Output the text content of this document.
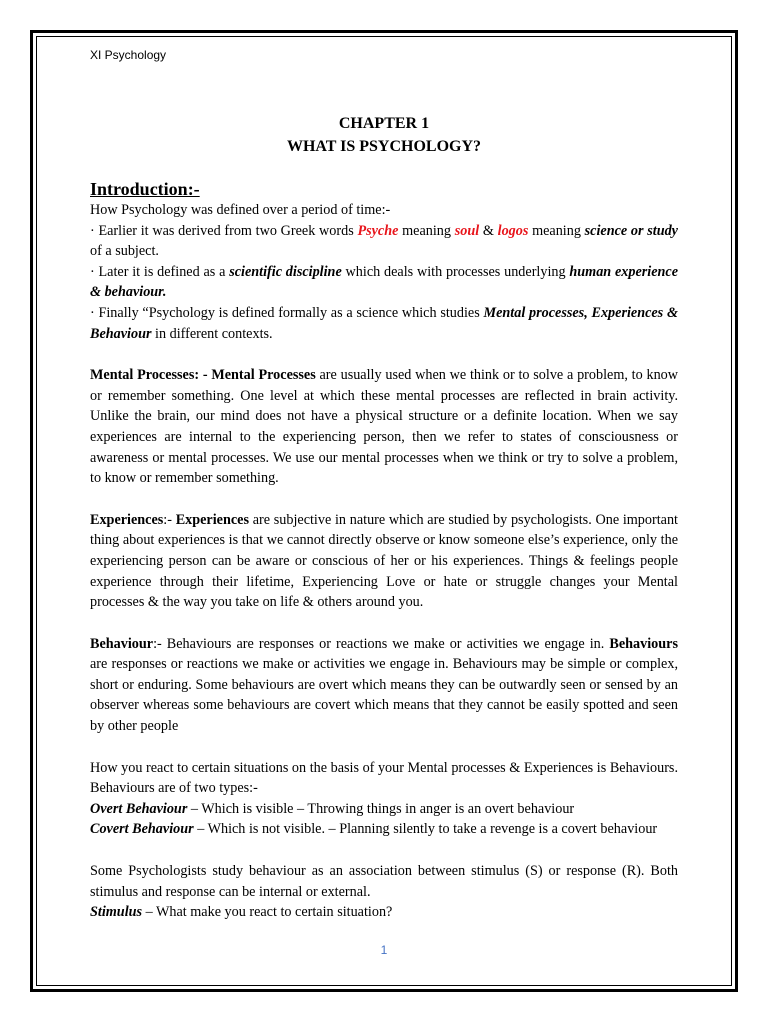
XI Psychology
CHAPTER 1
WHAT IS PSYCHOLOGY?
Introduction:-

How Psychology was defined over a period of time:-

· Earlier it was derived from two Greek words Psyche meaning soul & logos meaning science or study of a subject.

· Later it is defined as a scientific discipline which deals with processes underlying human experience & behaviour.

· Finally “Psychology is defined formally as a science which studies Mental processes, Experiences & Behaviour in different contexts.

Mental Processes: - Mental Processes are usually used when we think or to solve a problem, to know or remember something. One level at which these mental processes are reflected in brain activity. Unlike the brain, our mind does not have a physical structure or a definite location. When we say experiences are internal to the experiencing person, then we refer to states of consciousness or awareness or mental processes. We use our mental processes when we think or try to solve a problem, to know or remember something.

Experiences:- Experiences are subjective in nature which are studied by psychologists. One important thing about experiences is that we cannot directly observe or know someone else’s experience, only the experiencing person can be aware or conscious of her or his experiences. Things & feelings people experience through their lifetime, Experiencing Love or hate or struggle changes your Mental processes & the way you take on life & others around you.

Behaviour:- Behaviours are responses or reactions we make or activities we engage in. Behaviours are responses or reactions we make or activities we engage in. Behaviours may be simple or complex, short or enduring. Some behaviours are overt which means they can be outwardly seen or sensed by an observer whereas some behaviours are covert which means that they cannot be easily spotted and seen by other people

How you react to certain situations on the basis of your Mental processes & Experiences is Behaviours. Behaviours are of two types:-

Overt Behaviour – Which is visible – Throwing things in anger is an overt behaviour

Covert Behaviour – Which is not visible. – Planning silently to take a revenge is a covert behaviour

Some Psychologists study behaviour as an association between stimulus (S) or response (R). Both stimulus and response can be internal or external.

Stimulus – What make you react to certain situation?

1
